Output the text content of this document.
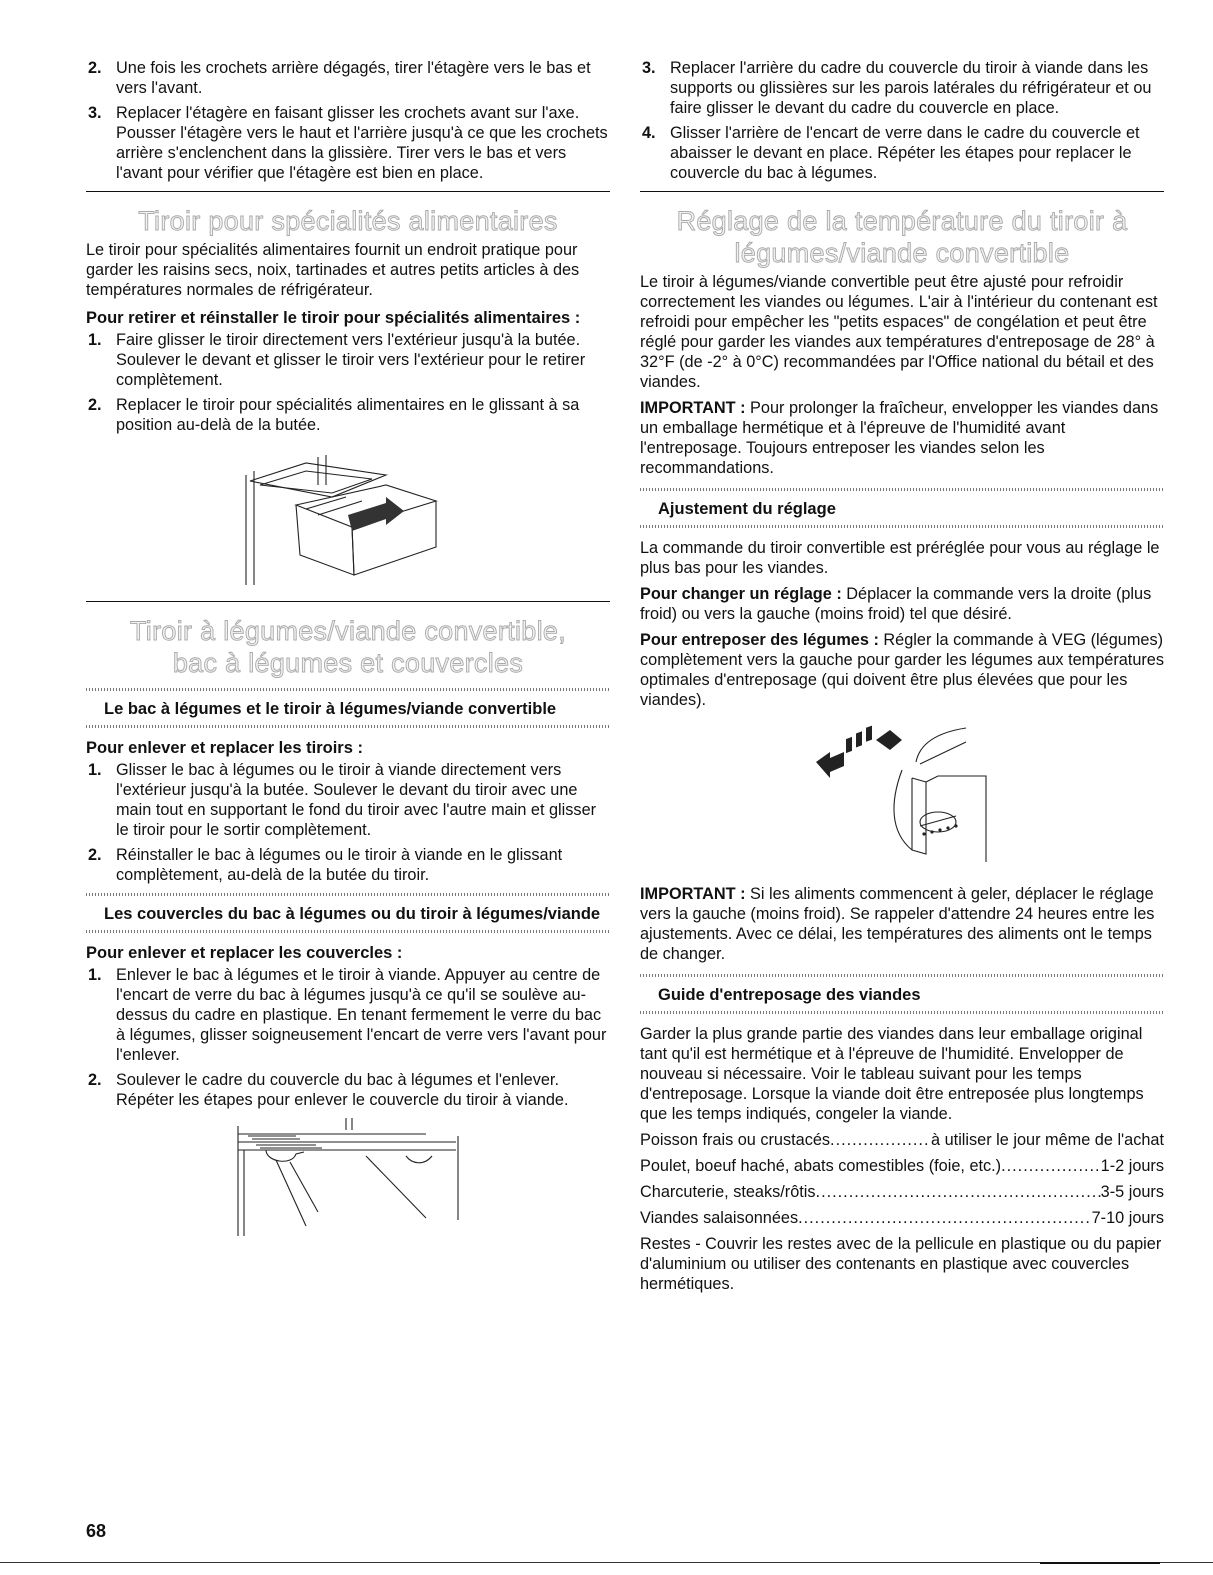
2. Une fois les crochets arrière dégagés, tirer l'étagère vers le bas et vers l'avant.
3. Replacer l'étagère en faisant glisser les crochets avant sur l'axe. Pousser l'étagère vers le haut et l'arrière jusqu'à ce que les crochets arrière s'enclenchent dans la glissière. Tirer vers le bas et vers l'avant pour vérifier que l'étagère est bien en place.
Tiroir pour spécialités alimentaires

Le tiroir pour spécialités alimentaires fournit un endroit pratique pour garder les raisins secs, noix, tartinades et autres petits articles à des températures normales de réfrigérateur.

Pour retirer et réinstaller le tiroir pour spécialités alimentaires :

1. Faire glisser le tiroir directement vers l'extérieur jusqu'à la butée. Soulever le devant et glisser le tiroir vers l'extérieur pour le retirer complètement.
2. Replacer le tiroir pour spécialités alimentaires en le glissant à sa position au-delà de la butée.
Tiroir à légumes/viande convertible,
bac à légumes et couvercles

Le bac à légumes et le tiroir à légumes/viande convertible

Pour enlever et replacer les tiroirs :

1. Glisser le bac à légumes ou le tiroir à viande directement vers l'extérieur jusqu'à la butée. Soulever le devant du tiroir avec une main tout en supportant le fond du tiroir avec l'autre main et glisser le tiroir pour le sortir complètement.
2. Réinstaller le bac à légumes ou le tiroir à viande en le glissant complètement, au-delà de la butée du tiroir.

Les couvercles du bac à légumes ou du tiroir à légumes/viande

Pour enlever et replacer les couvercles :

1. Enlever le bac à légumes et le tiroir à viande. Appuyer au centre de l'encart de verre du bac à légumes jusqu'à ce qu'il se soulève au-dessus du cadre en plastique. En tenant fermement le verre du bac à légumes, glisser soigneusement l'encart de verre vers l'avant pour l'enlever.
2. Soulever le cadre du couvercle du bac à légumes et l'enlever. Répéter les étapes pour enlever le couvercle du tiroir à viande.
3. Replacer l'arrière du cadre du couvercle du tiroir à viande dans les supports ou glissières sur les parois latérales du réfrigérateur et ou faire glisser le devant du cadre du couvercle en place.
4. Glisser l'arrière de l'encart de verre dans le cadre du couvercle et abaisser le devant en place. Répéter les étapes pour replacer le couvercle du bac à légumes.
Réglage de la température du tiroir à
légumes/viande convertible

Le tiroir à légumes/viande convertible peut être ajusté pour refroidir correctement les viandes ou légumes. L'air à l'intérieur du contenant est refroidi pour empêcher les "petits espaces" de congélation et peut être réglé pour garder les viandes aux températures d'entreposage de 28° à 32°F (de -2° à 0°C) recommandées par l'Office national du bétail et des viandes.

IMPORTANT : Pour prolonger la fraîcheur, envelopper les viandes dans un emballage hermétique et à l'épreuve de l'humidité avant l'entreposage. Toujours entreposer les viandes selon les recommandations.

Ajustement du réglage

La commande du tiroir convertible est préréglée pour vous au réglage le plus bas pour les viandes.

Pour changer un réglage : Déplacer la commande vers la droite (plus froid) ou vers la gauche (moins froid) tel que désiré.

Pour entreposer des légumes : Régler la commande à VEG (légumes) complètement vers la gauche pour garder les légumes aux températures optimales d'entreposage (qui doivent être plus élevées que pour les viandes).

IMPORTANT : Si les aliments commencent à geler, déplacer le réglage vers la gauche (moins froid). Se rappeler d'attendre 24 heures entre les ajustements. Avec ce délai, les températures des aliments ont le temps de changer.

Guide d'entreposage des viandes

Garder la plus grande partie des viandes dans leur emballage original tant qu'il est hermétique et à l'épreuve de l'humidité. Envelopper de nouveau si nécessaire. Voir le tableau suivant pour les temps d'entreposage. Lorsque la viande doit être entreposée plus longtemps que les temps indiqués, congeler la viande.

Poisson frais ou crustacés .....	à utiliser le jour même de l'achat
Poulet, boeuf haché, abats comestibles (foie, etc.) .....	1-2 jours
Charcuterie, steaks/rôtis .....	3-5 jours
Viandes salaisonnées .....	7-10 jours

Restes - Couvrir les restes avec de la pellicule en plastique ou du papier d'aluminium ou utiliser des contenants en plastique avec couvercles hermétiques.

68
